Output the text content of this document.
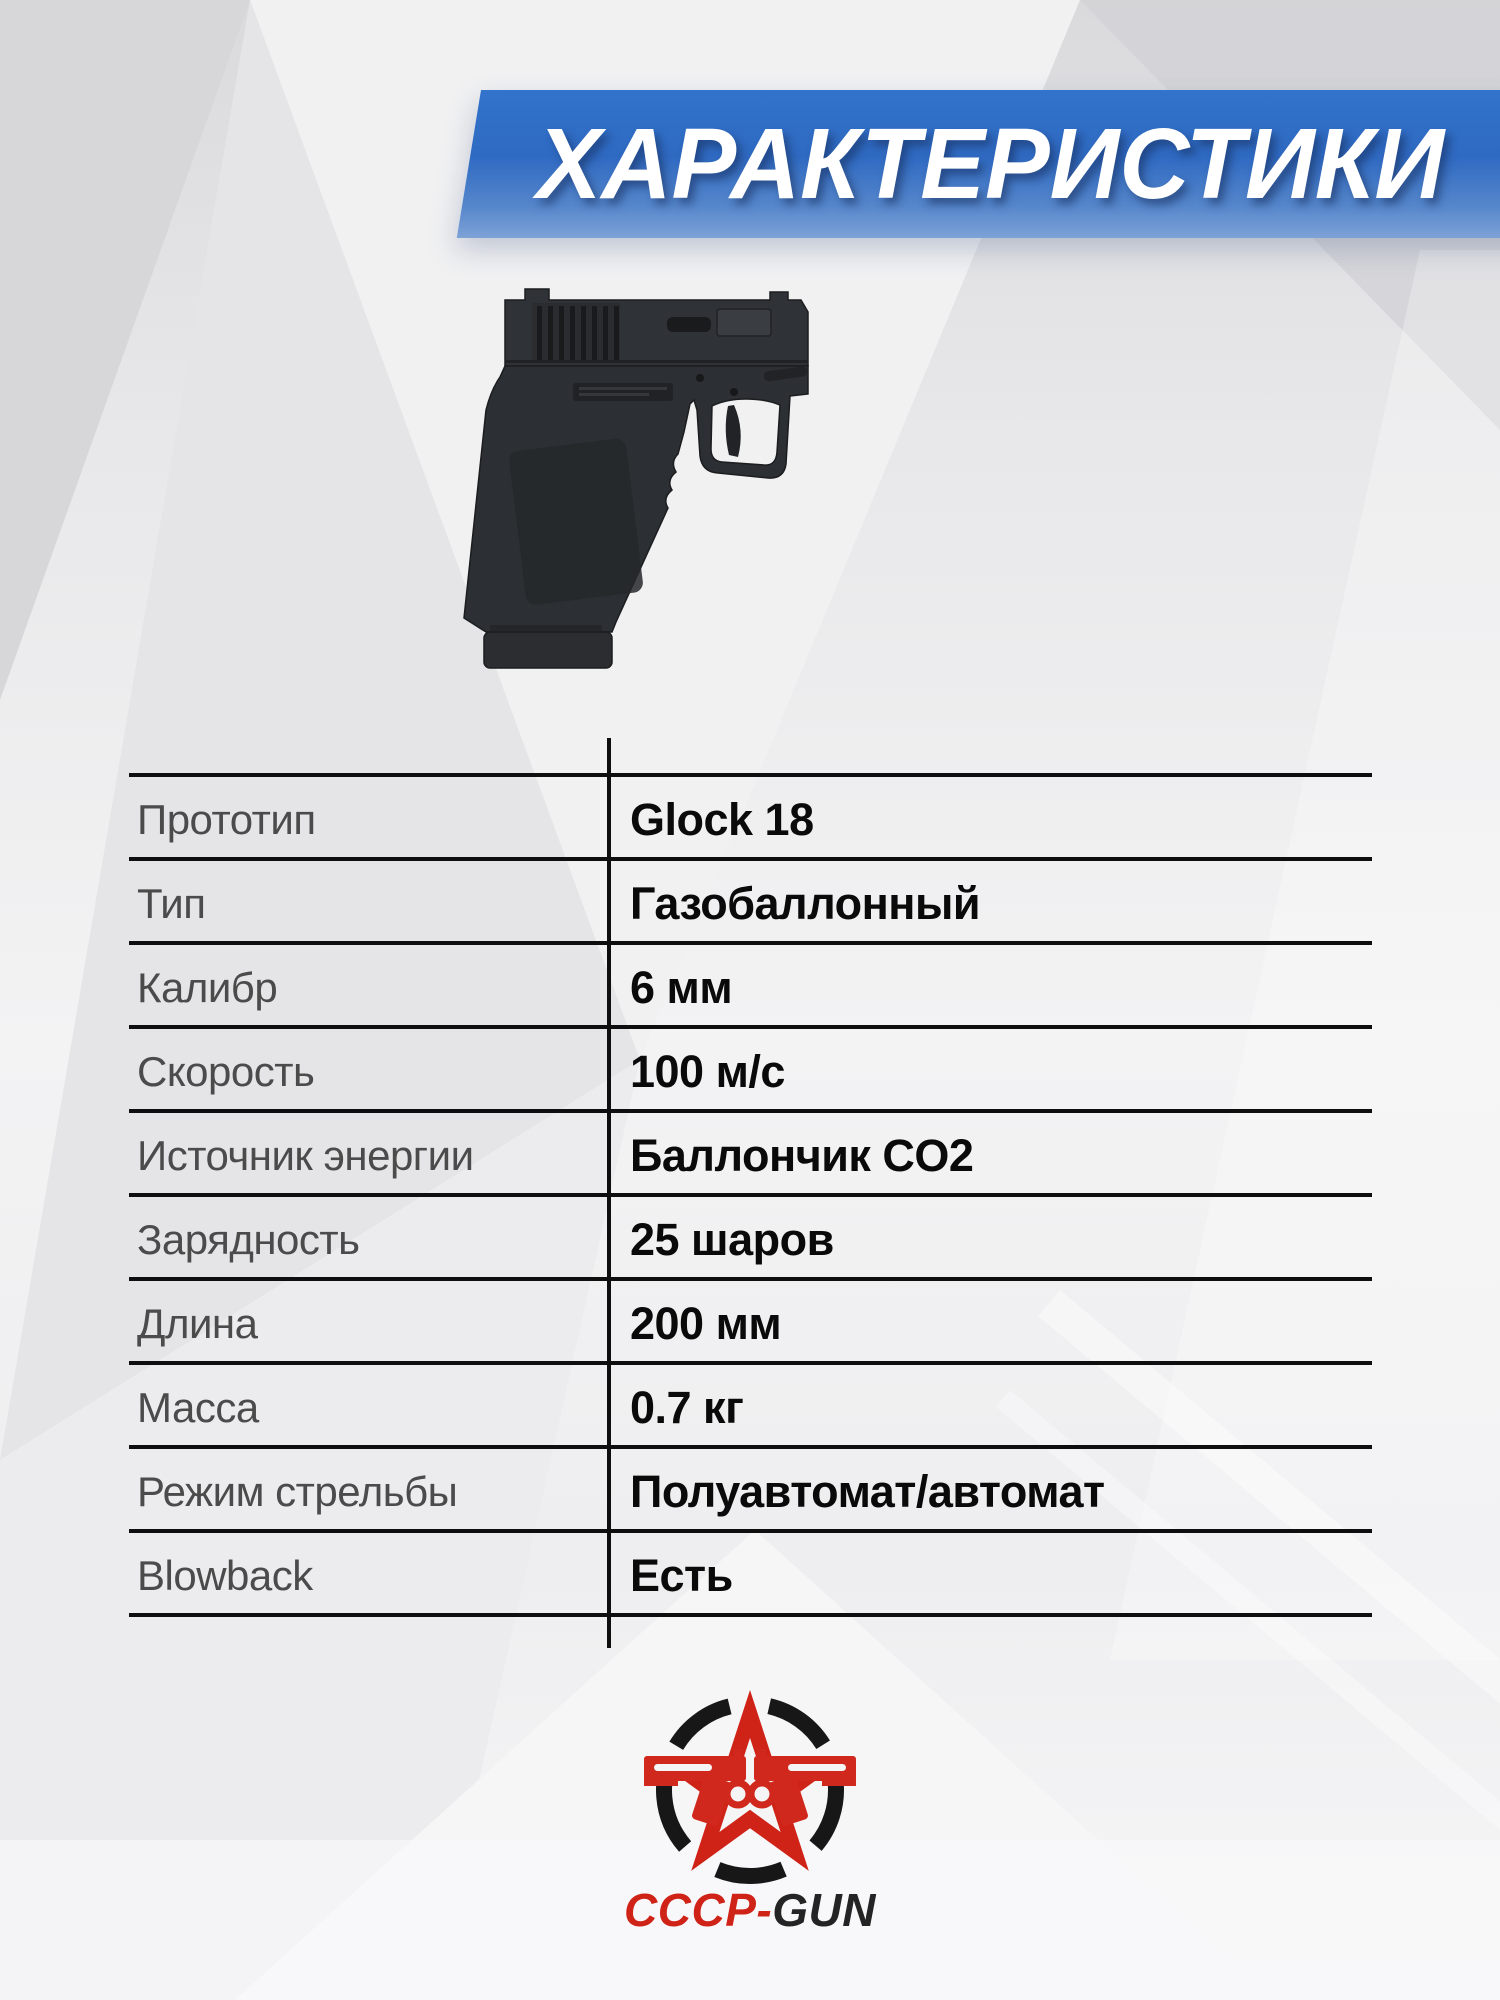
ХАРАКТЕРИСТИКИ
Прототип	Glock 18
Тип	Газобаллонный
Калибр	6 мм
Скорость	100 м/с
Источник энергии	Баллончик CO2
Зарядность	25 шаров
Длина	200 мм
Масса	0.7 кг
Режим стрельбы	Полуавтомат/автомат
Blowback	Есть
СССР- GUN
